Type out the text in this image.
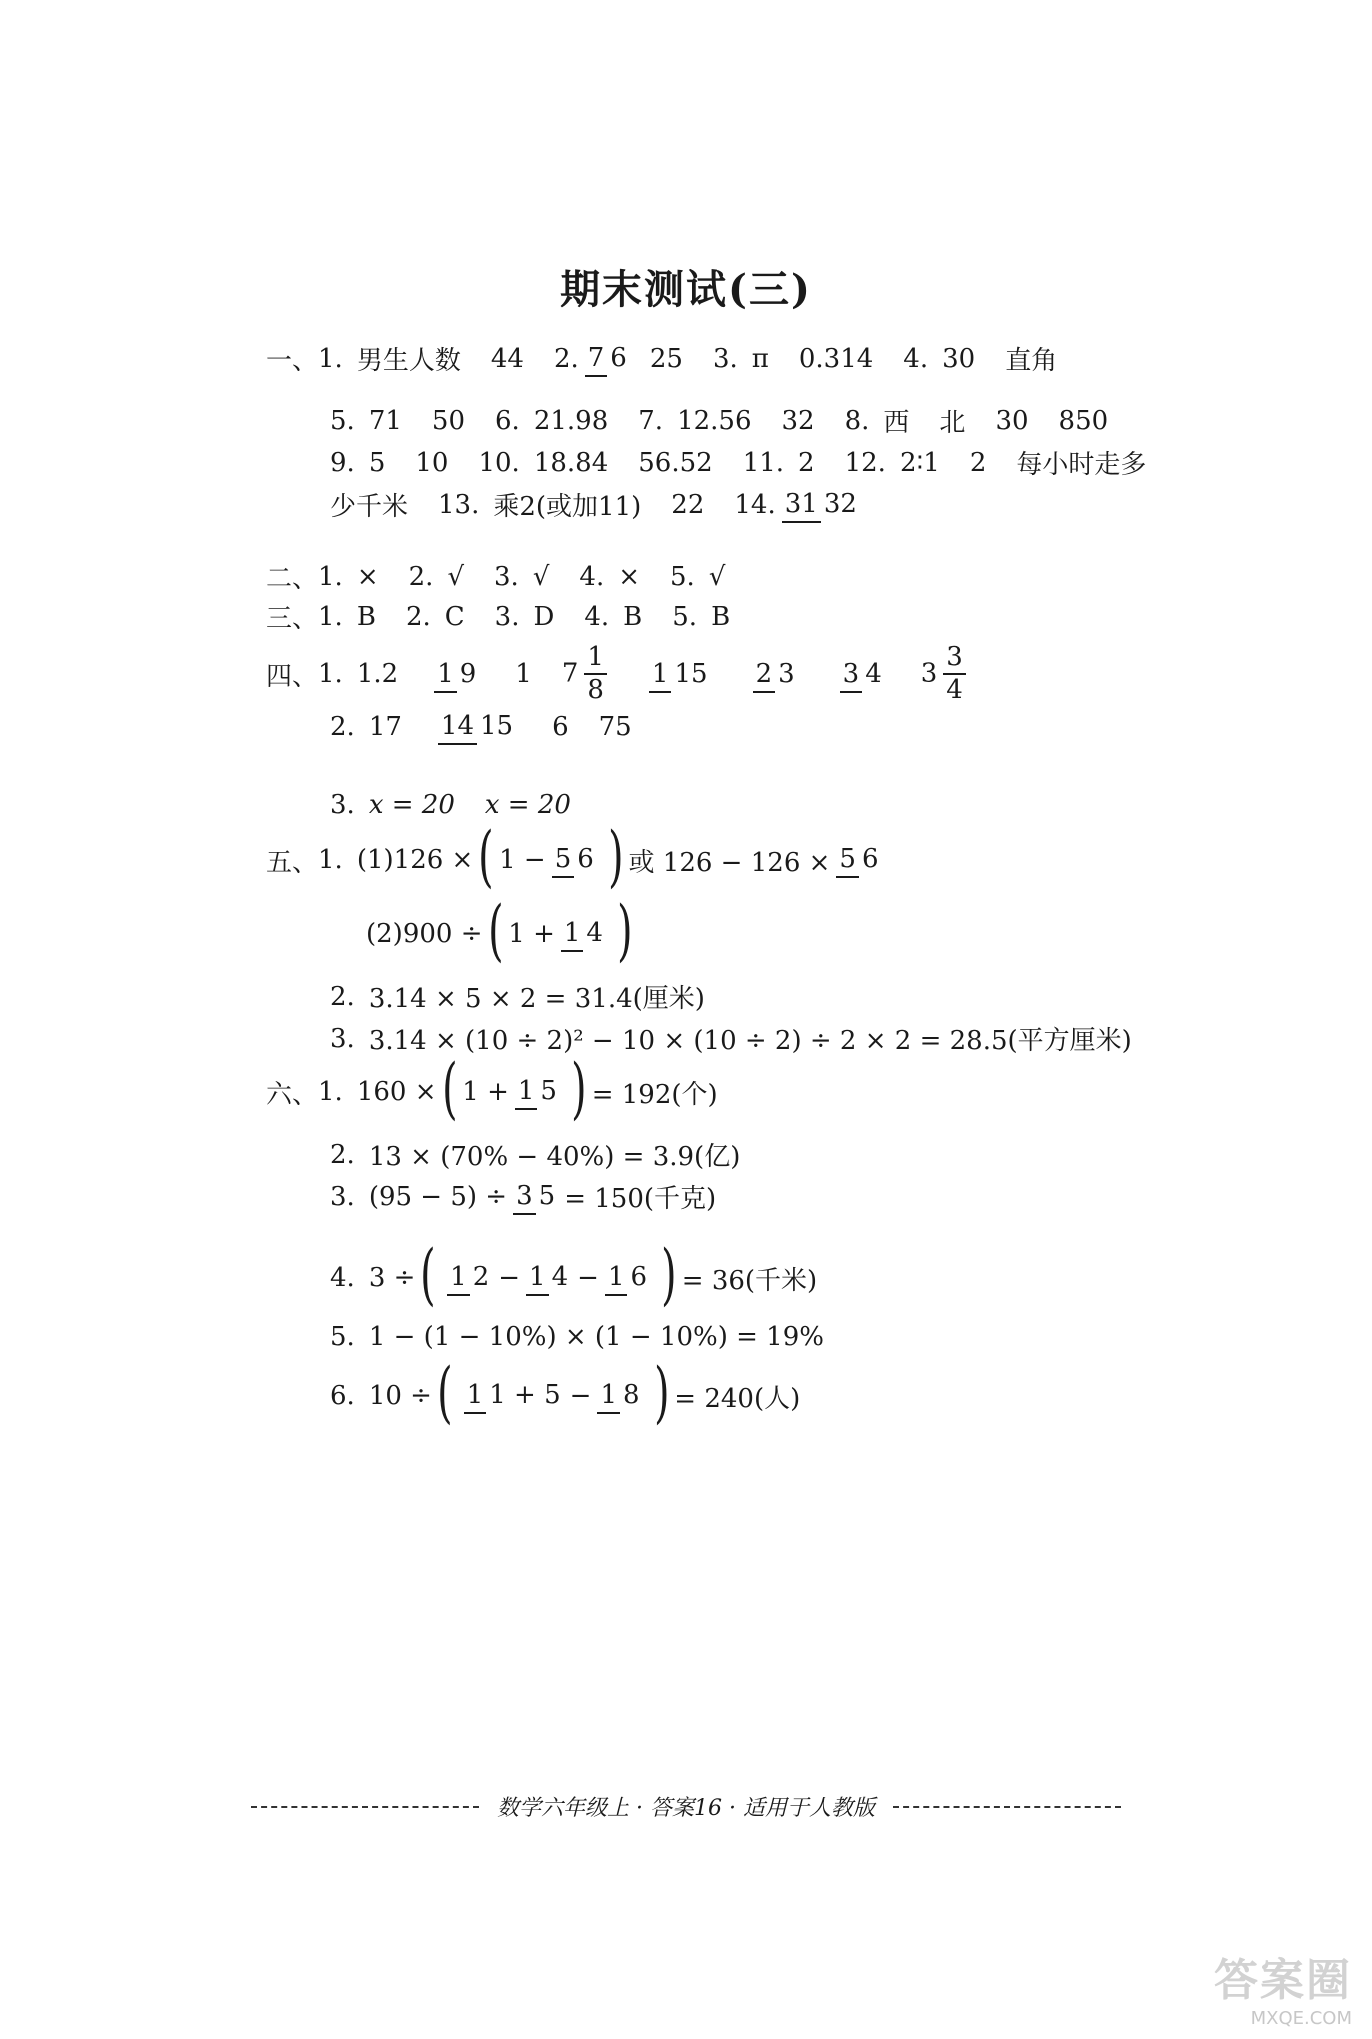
期末测试(三)
一、 1. 男生人数 44 2. 7 6 25 3. π 0.314 4. 30 直角
5. 71 50 6. 21.98 7. 12.56 32 8. 西 北 30 850
9. 5 10 10. 18.84 56.52 11. 2 12. 2∶1 2 每小时走多
少千米 13. 乘2(或加11) 22 14. 31 32
二、 1. × 2. √ 3. √ 4. × 5. √
三、 1. B 2. C 3. D 4. B 5. B
四、 1. 1.2 1 9 1 $7 \frac{1}{8} 1$ 15 2 3 3 4 $3 \frac{3}{4}$
2. 17 14 15 6 75
3. x = 20 x = 20
五、 1. (1)126 × ( 1 − 5 6 ) 或 126 − 126 × 5 6
(2)900 ÷ ( 1 + 1 4 )
2. 3.14 × 5 × 2 = 31.4(厘米)
3. 3.14 × (10 ÷ 2)² − 10 × (10 ÷ 2) ÷ 2 × 2 = 28.5(平方厘米)
六、 1. 160 × ( 1 + 1 5 ) = 192(个)
2. 13 × (70% − 40%) = 3.9(亿)
3. (95 − 5) ÷ 3 5 = 150(千克)
4. 3 ÷ ( 1 2 − 1 4 − 1 6 ) = 36(千米)
5. 1 − (1 − 10%) × (1 − 10%) = 19%
6. 10 ÷ ( 1 1 + 5 − 1 8 ) = 240(人)
数学六年级上 · 答案16 · 适用于人教版
答案圈
MXQE.COM
